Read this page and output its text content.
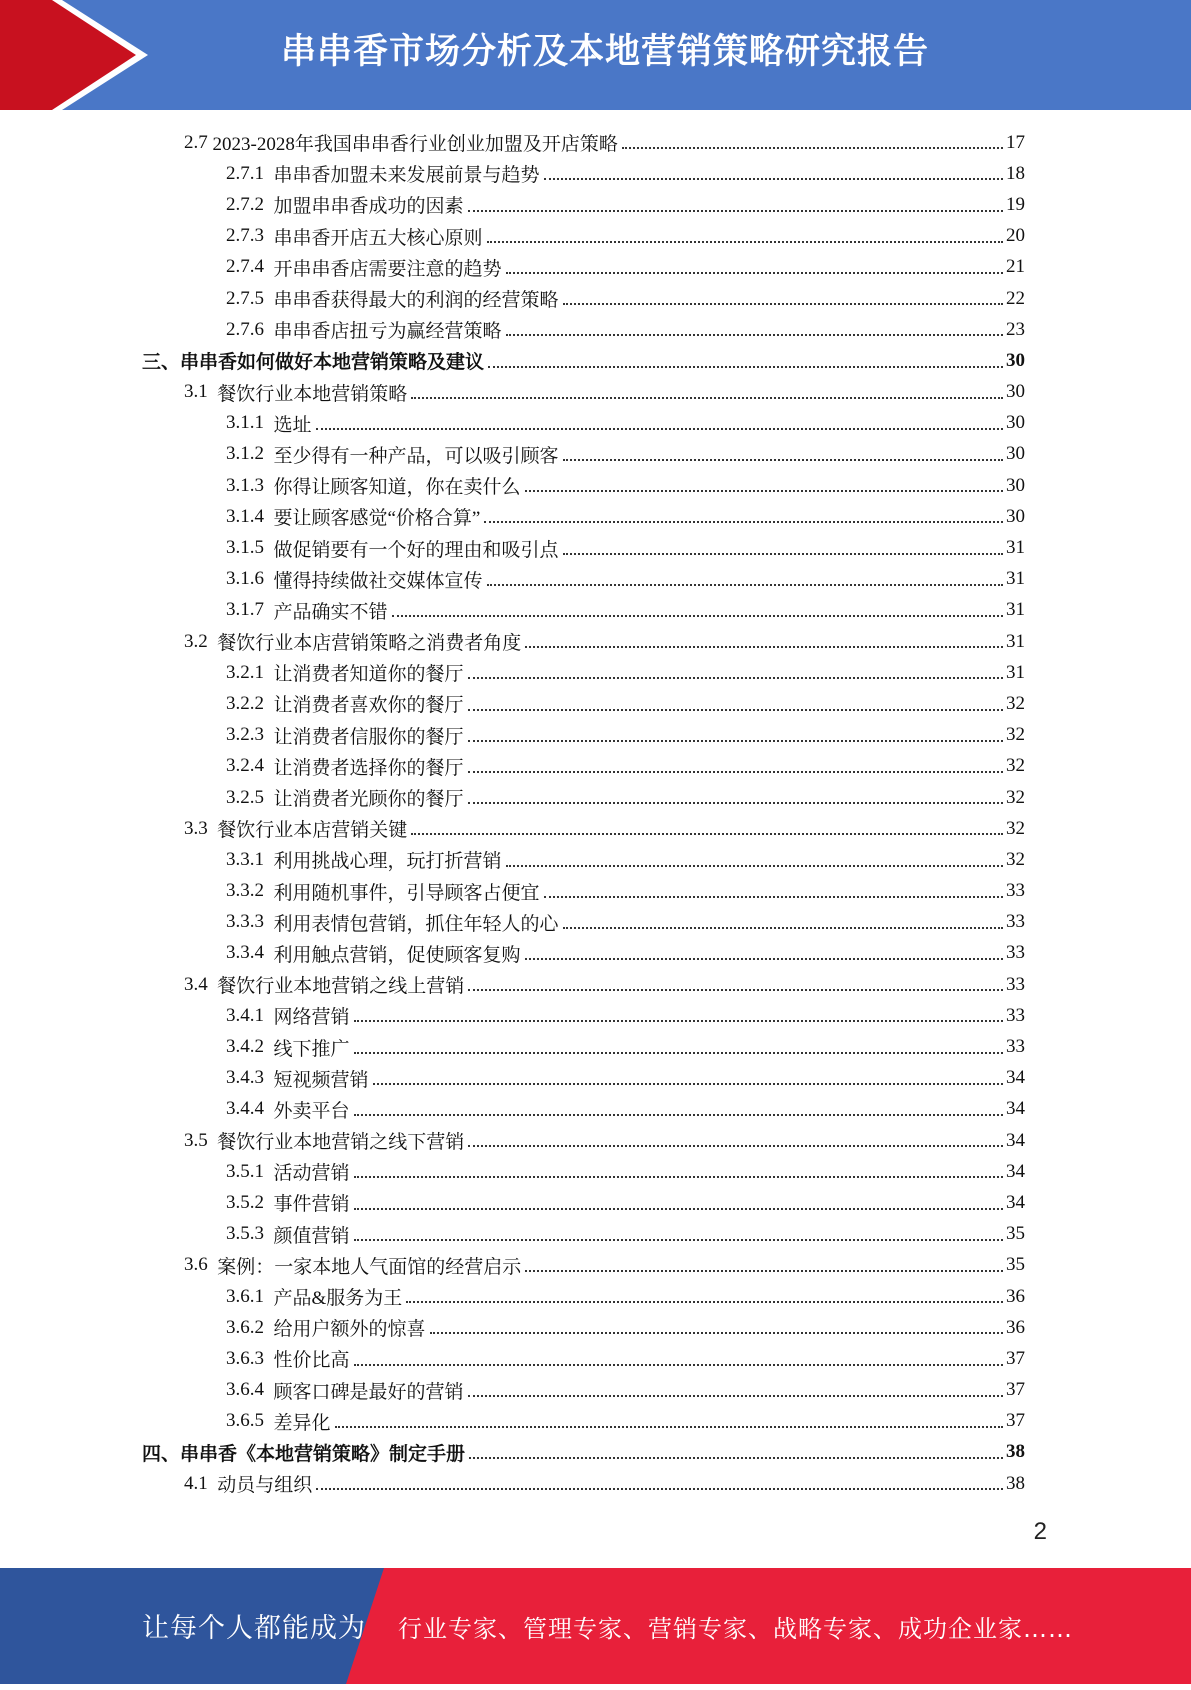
串串香市场分析及本地营销策略研究报告
2.7 2023-2028年我国串串香行业创业加盟及开店策略	17
2.7.1 串串香加盟未来发展前景与趋势	18
2.7.2 加盟串串香成功的因素	19
2.7.3 串串香开店五大核心原则	20
2.7.4 开串串香店需要注意的趋势	21
2.7.5 串串香获得最大的利润的经营策略	22
2.7.6 串串香店扭亏为赢经营策略	23
三、串串香如何做好本地营销策略及建议	30
3.1 餐饮行业本地营销策略	30
3.1.1 选址	30
3.1.2 至少得有一种产品，可以吸引顾客	30
3.1.3 你得让顾客知道，你在卖什么	30
3.1.4 要让顾客感觉“价格合算”	30
3.1.5 做促销要有一个好的理由和吸引点	31
3.1.6 懂得持续做社交媒体宣传	31
3.1.7 产品确实不错	31
3.2 餐饮行业本店营销策略之消费者角度	31
3.2.1 让消费者知道你的餐厅	31
3.2.2 让消费者喜欢你的餐厅	32
3.2.3 让消费者信服你的餐厅	32
3.2.4 让消费者选择你的餐厅	32
3.2.5 让消费者光顾你的餐厅	32
3.3 餐饮行业本店营销关键	32
3.3.1 利用挑战心理，玩打折营销	32
3.3.2 利用随机事件，引导顾客占便宜	33
3.3.3 利用表情包营销，抓住年轻人的心	33
3.3.4 利用触点营销，促使顾客复购	33
3.4 餐饮行业本地营销之线上营销	33
3.4.1 网络营销	33
3.4.2 线下推广	33
3.4.3 短视频营销	34
3.4.4 外卖平台	34
3.5 餐饮行业本地营销之线下营销	34
3.5.1 活动营销	34
3.5.2 事件营销	34
3.5.3 颜值营销	35
3.6 案例：一家本地人气面馆的经营启示	35
3.6.1 产品&服务为王	36
3.6.2 给用户额外的惊喜	36
3.6.3 性价比高	37
3.6.4 顾客口碑是最好的营销	37
3.6.5 差异化	37
四、串串香《本地营销策略》制定手册	38
4.1 动员与组织	38
2
让每个人都能成为 行业专家、管理专家、营销专家、战略专家、成功企业家……
